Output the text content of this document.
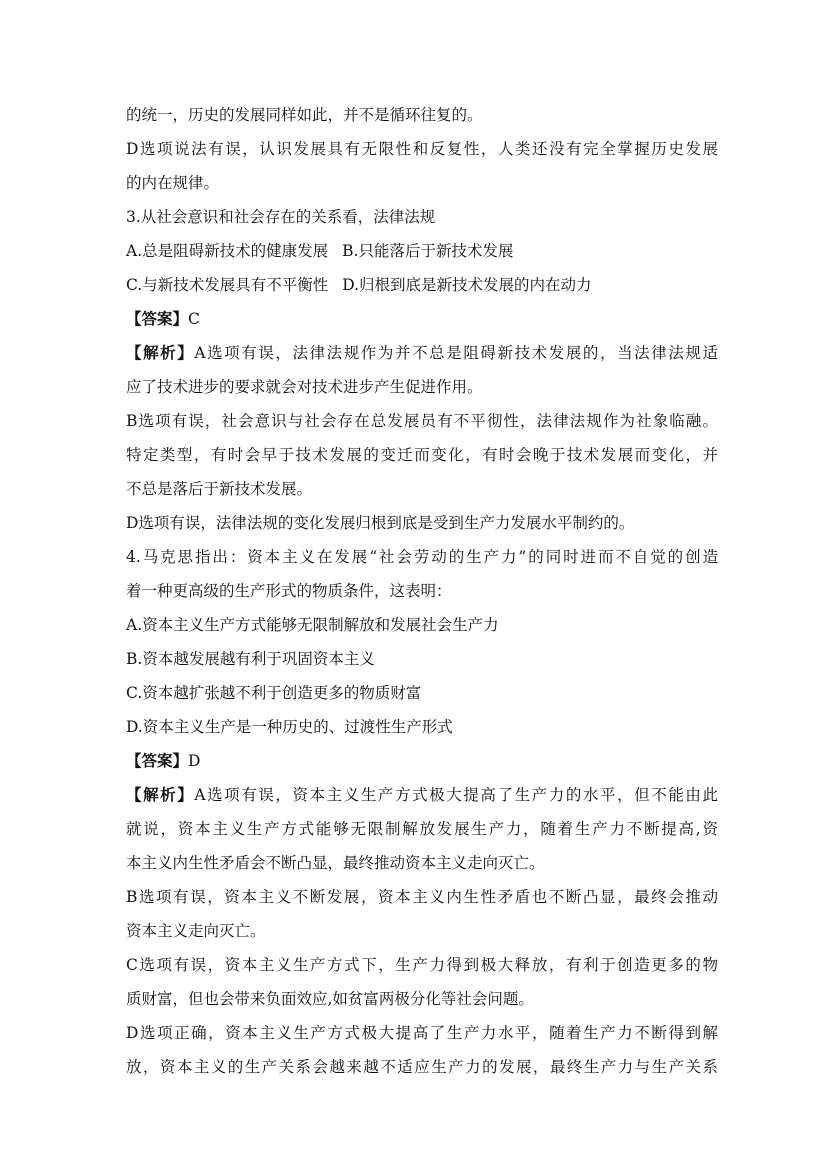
的统一，历史的发展同样如此，并不是循环往复的。
D选项说法有误，认识发展具有无限性和反复性，人类还没有完全掌握历史发展
的内在规律。
3.从社会意识和社会存在的关系看，法律法规
A.总是阻碍新技术的健康发展 B.只能落后于新技术发展
C.与新技术发展具有不平衡性 D.归根到底是新技术发展的内在动力
【答案】C
【解析】A选项有误，法律法规作为并不总是阻碍新技术发展的，当法律法规适
应了技术进步的要求就会对技术进步产生促进作用。
B选项有误，社会意识与社会存在总发展员有不平彻性，法律法规作为社象临融。
特定类型，有时会早于技术发展的变迁而变化，有时会晚于技术发展而变化，并
不总是落后于新技术发展。
D选项有误，法律法规的变化发展归根到底是受到生产力发展水平制约的。
4.马克思指出：资本主义在发展“社会劳动的生产力”的同时进而不自觉的创造
着一种更高级的生产形式的物质条件，这表明：
A.资本主义生产方式能够无限制解放和发展社会生产力
B.资本越发展越有利于巩固资本主义
C.资本越扩张越不利于创造更多的物质财富
D.资本主义生产是一种历史的、过渡性生产形式
【答案】D
【解析】A选项有误，资本主义生产方式极大提高了生产力的水平，但不能由此
就说，资本主义生产方式能够无限制解放发展生产力，随着生产力不断提高,资
本主义内生性矛盾会不断凸显，最终推动资本主义走向灭亡。
B选项有误，资本主义不断发展，资本主义内生性矛盾也不断凸显，最终会推动
资本主义走向灭亡。
C选项有误，资本主义生产方式下，生产力得到极大释放，有利于创造更多的物
质财富，但也会带来负面效应,如贫富两极分化等社会问题。
D选项正确，资本主义生产方式极大提高了生产力水平，随着生产力不断得到解
放，资本主义的生产关系会越来越不适应生产力的发展，最终生产力与生产关系
